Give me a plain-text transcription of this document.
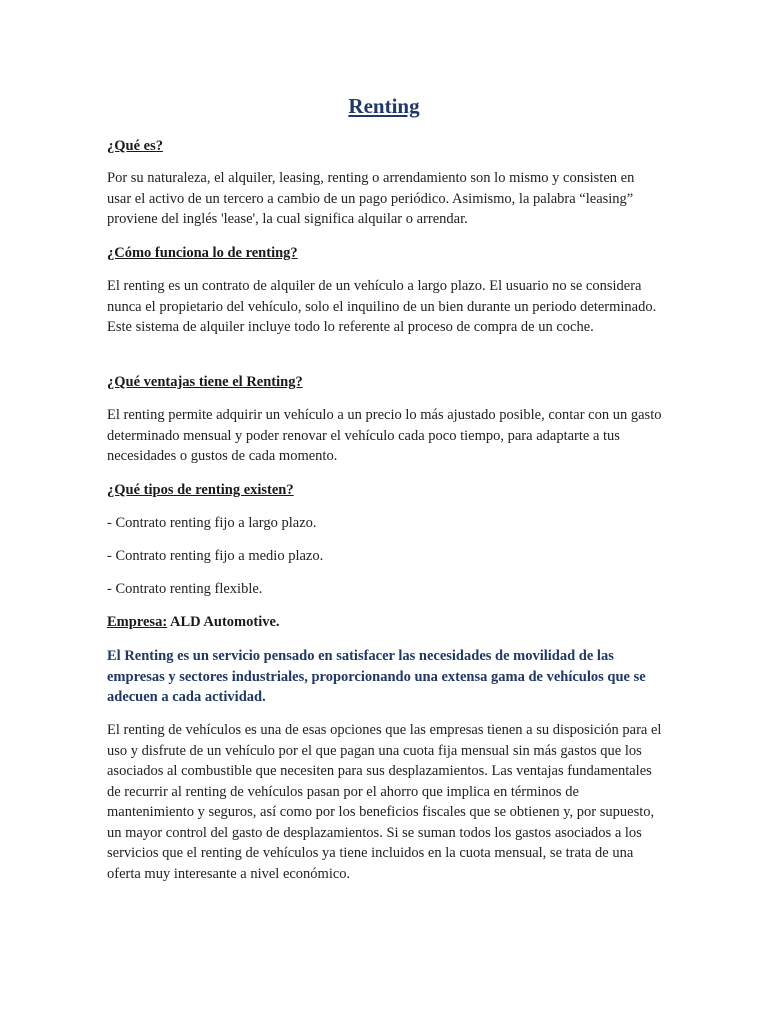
Renting

¿Qué es?

Por su naturaleza, el alquiler, leasing, renting o arrendamiento son lo mismo y consisten en usar el activo de un tercero a cambio de un pago periódico. Asimismo, la palabra “leasing” proviene del inglés 'lease', la cual significa alquilar o arrendar.

¿Cómo funciona lo de renting?

El renting es un contrato de alquiler de un vehículo a largo plazo. El usuario no se considera nunca el propietario del vehículo, solo el inquilino de un bien durante un periodo determinado. Este sistema de alquiler incluye todo lo referente al proceso de compra de un coche.

¿Qué ventajas tiene el Renting?

El renting permite adquirir un vehículo a un precio lo más ajustado posible, contar con un gasto determinado mensual y poder renovar el vehículo cada poco tiempo, para adaptarte a tus necesidades o gustos de cada momento.

¿Qué tipos de renting existen?

- Contrato renting fijo a largo plazo.

- Contrato renting fijo a medio plazo.

- Contrato renting flexible.

Empresa: ALD Automotive.

El Renting es un servicio pensado en satisfacer las necesidades de movilidad de las empresas y sectores industriales, proporcionando una extensa gama de vehículos que se adecuen a cada actividad.

El renting de vehículos es una de esas opciones que las empresas tienen a su disposición para el uso y disfrute de un vehículo por el que pagan una cuota fija mensual sin más gastos que los asociados al combustible que necesiten para sus desplazamientos. Las ventajas fundamentales de recurrir al renting de vehículos pasan por el ahorro que implica en términos de mantenimiento y seguros, así como por los beneficios fiscales que se obtienen y, por supuesto, un mayor control del gasto de desplazamientos. Si se suman todos los gastos asociados a los servicios que el renting de vehículos ya tiene incluidos en la cuota mensual, se trata de una oferta muy interesante a nivel económico.
